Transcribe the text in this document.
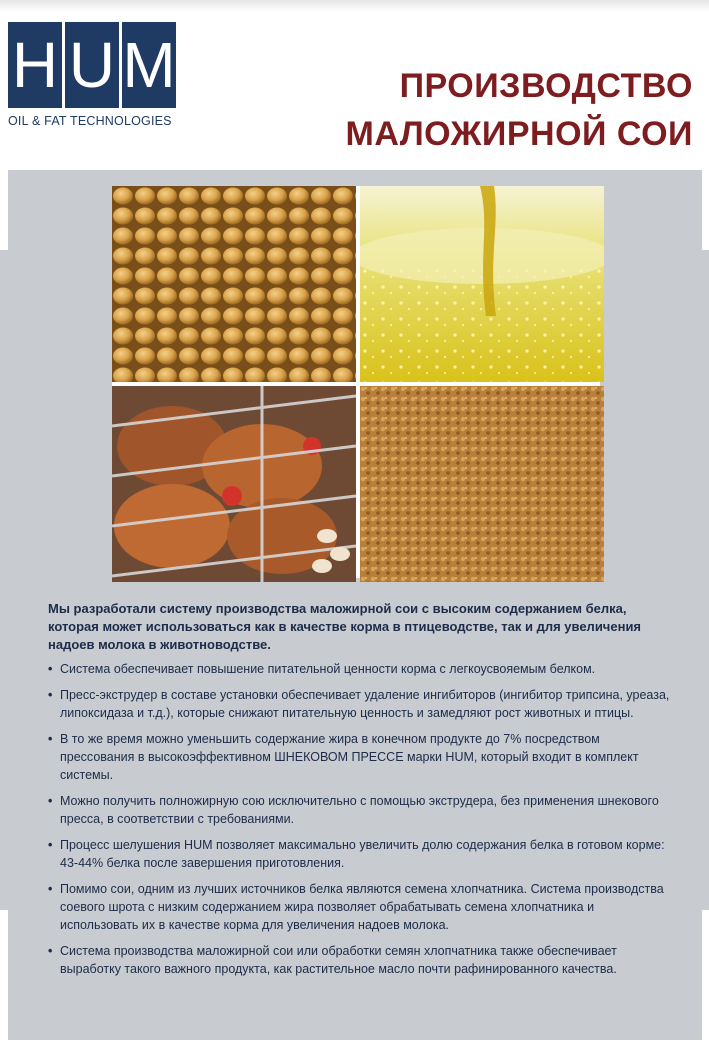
H U M
OIL & FAT TECHNOLOGIES
ПРОИЗВОДСТВО
МАЛОЖИРНОЙ СОИ

Мы разработали систему производства маложирной сои с высоким содержанием белка, которая может использоваться как в качестве корма в птицеводстве, так и для увеличения надоев молока в животноводстве.

• Система обеспечивает повышение питательной ценности корма с легкоусвояемым белком.
• Пресс-экструдер в составе установки обеспечивает удаление ингибиторов (ингибитор трипсина, уреаза, липоксидаза и т.д.), которые снижают питательную ценность и замедляют рост животных и птицы.
• В то же время можно уменьшить содержание жира в конечном продукте до 7% посредством прессования в высокоэффективном ШНЕКОВОМ ПРЕССЕ марки HUM, который входит в комплект системы.
• Можно получить полножирную сою исключительно с помощью экструдера, без применения шнекового пресса, в соответствии с требованиями.
• Процесс шелушения HUM позволяет максимально увеличить долю содержания белка в готовом корме: 43-44% белка после завершения приготовления.
• Помимо сои, одним из лучших источников белка являются семена хлопчатника. Система производства соевого шрота с низким содержанием жира позволяет обрабатывать семена хлопчатника и использовать их в качестве корма для увеличения надоев молока.
• Система производства маложирной сои или обработки семян хлопчатника также обеспечивает выработку такого важного продукта, как растительное масло почти рафинированного качества.
